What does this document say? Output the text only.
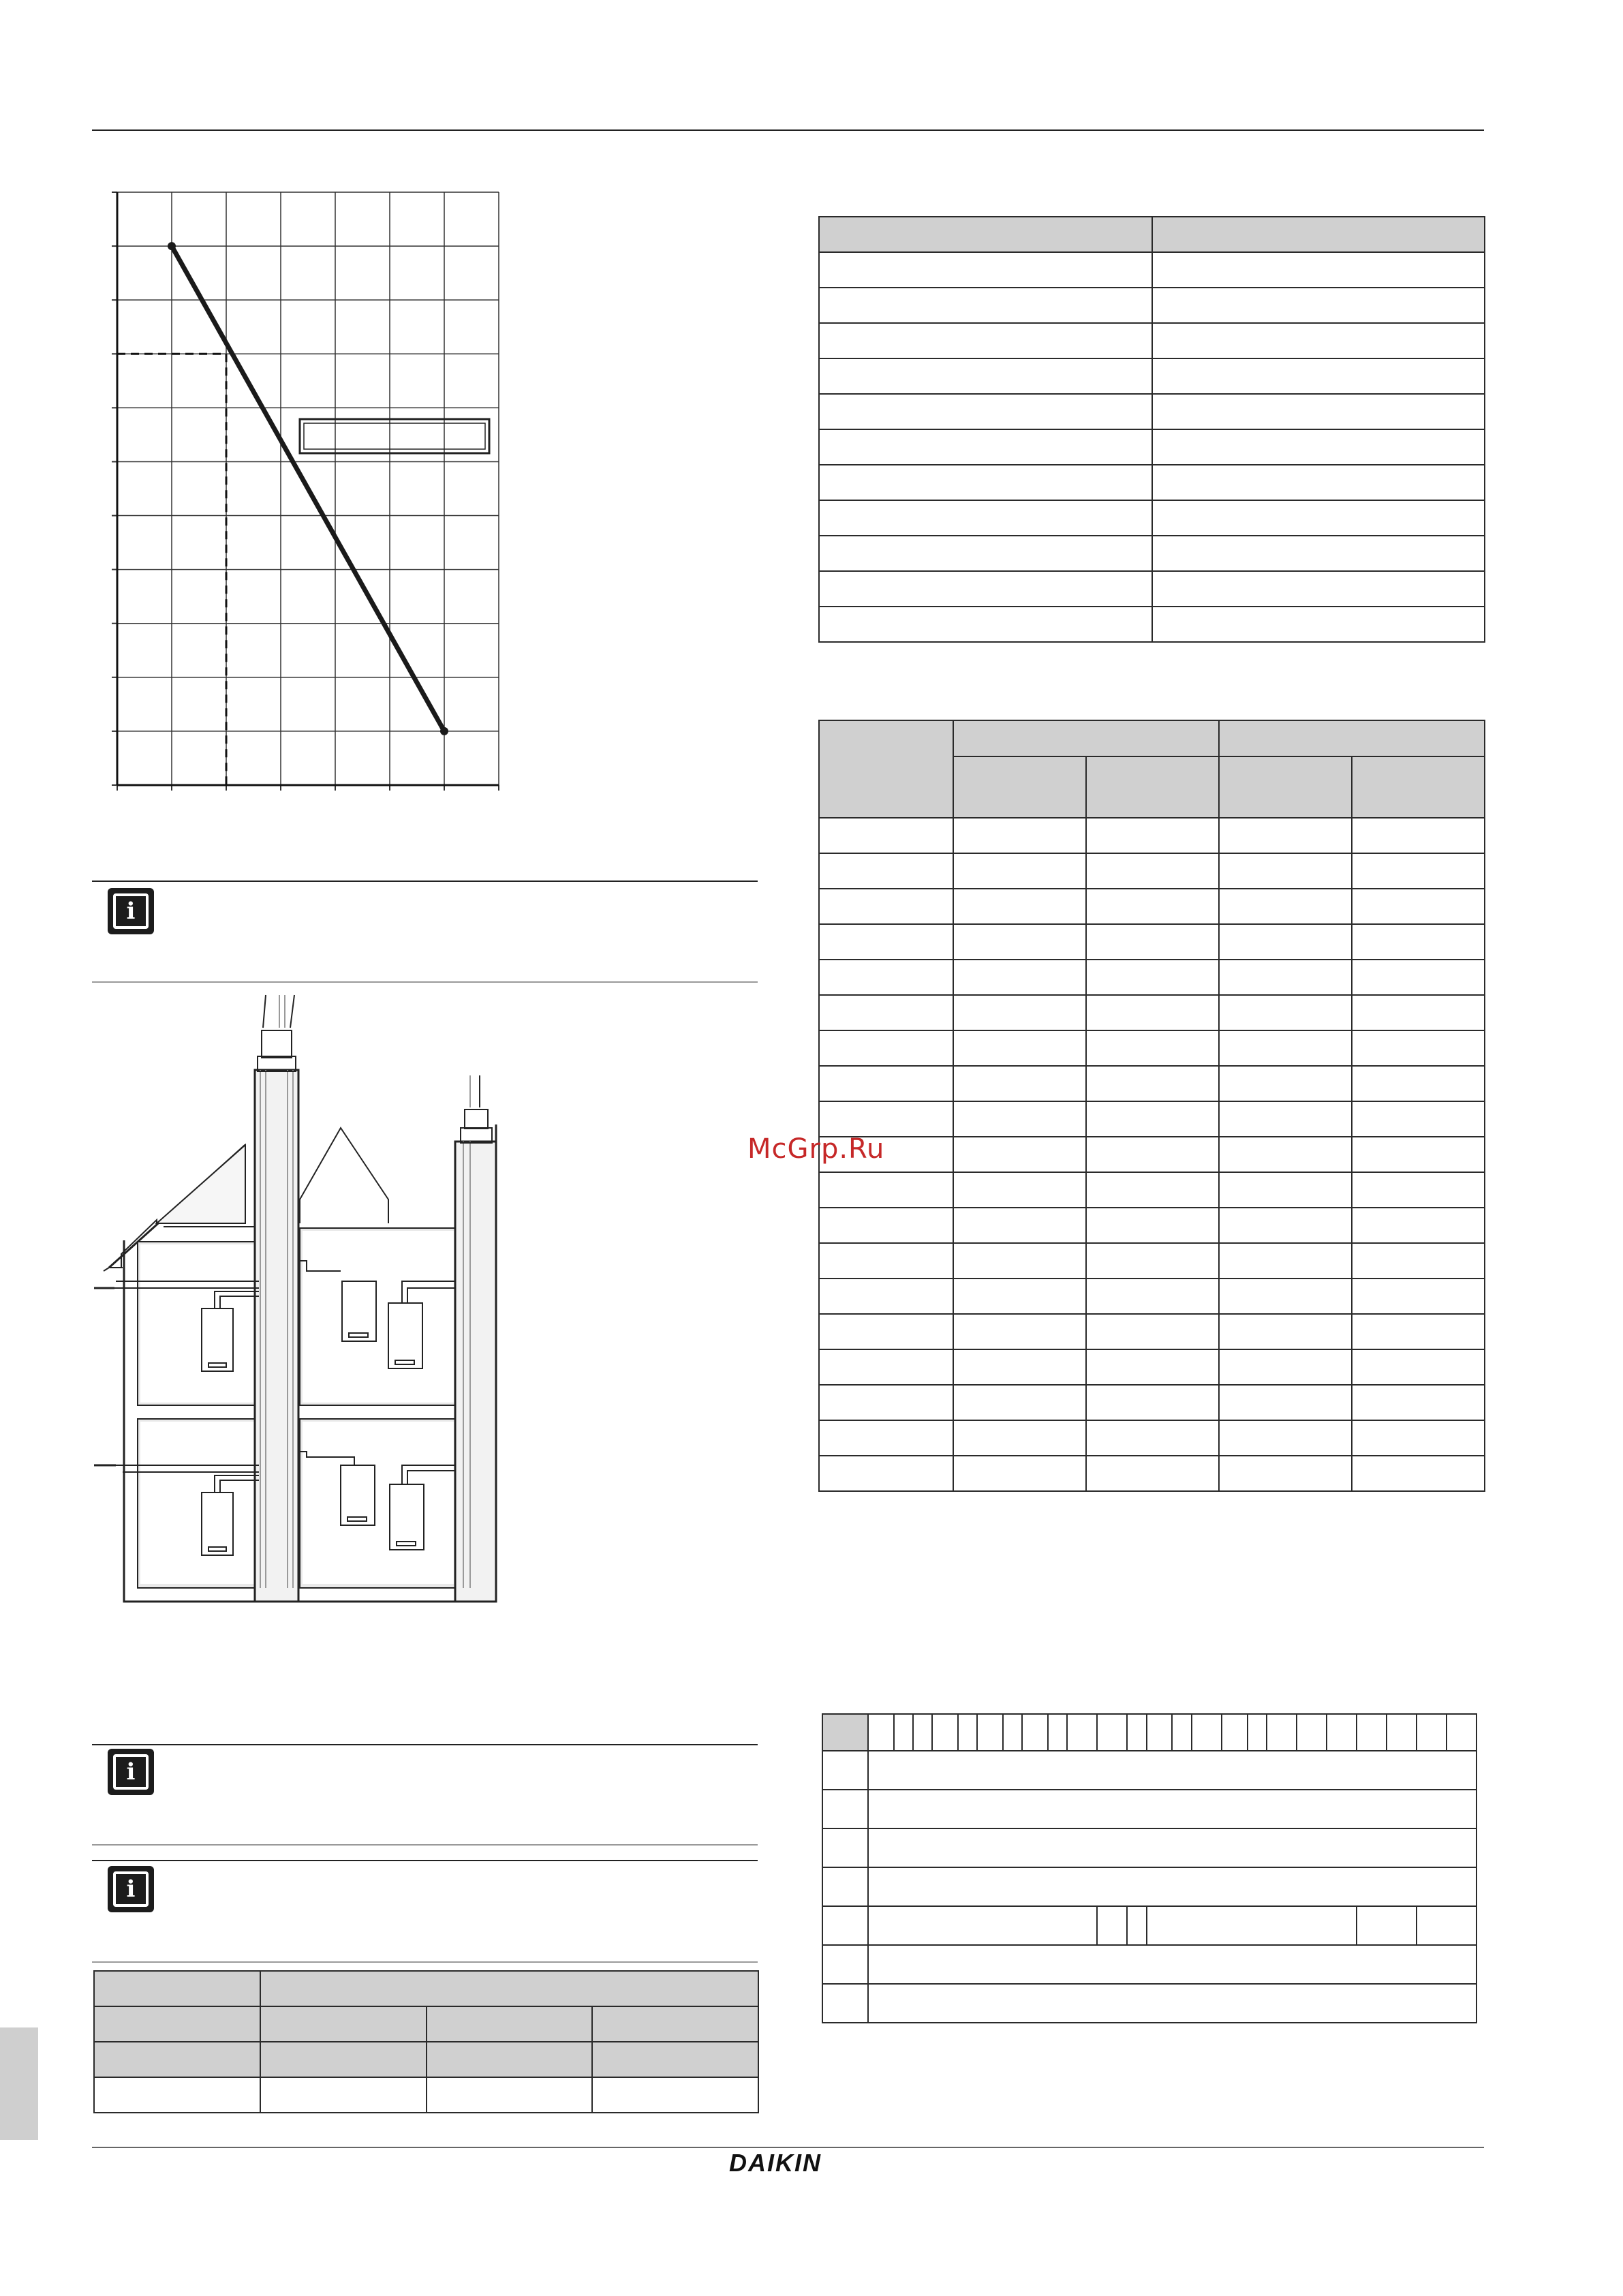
i
i
i

McGrp.Ru
DAIKIN
